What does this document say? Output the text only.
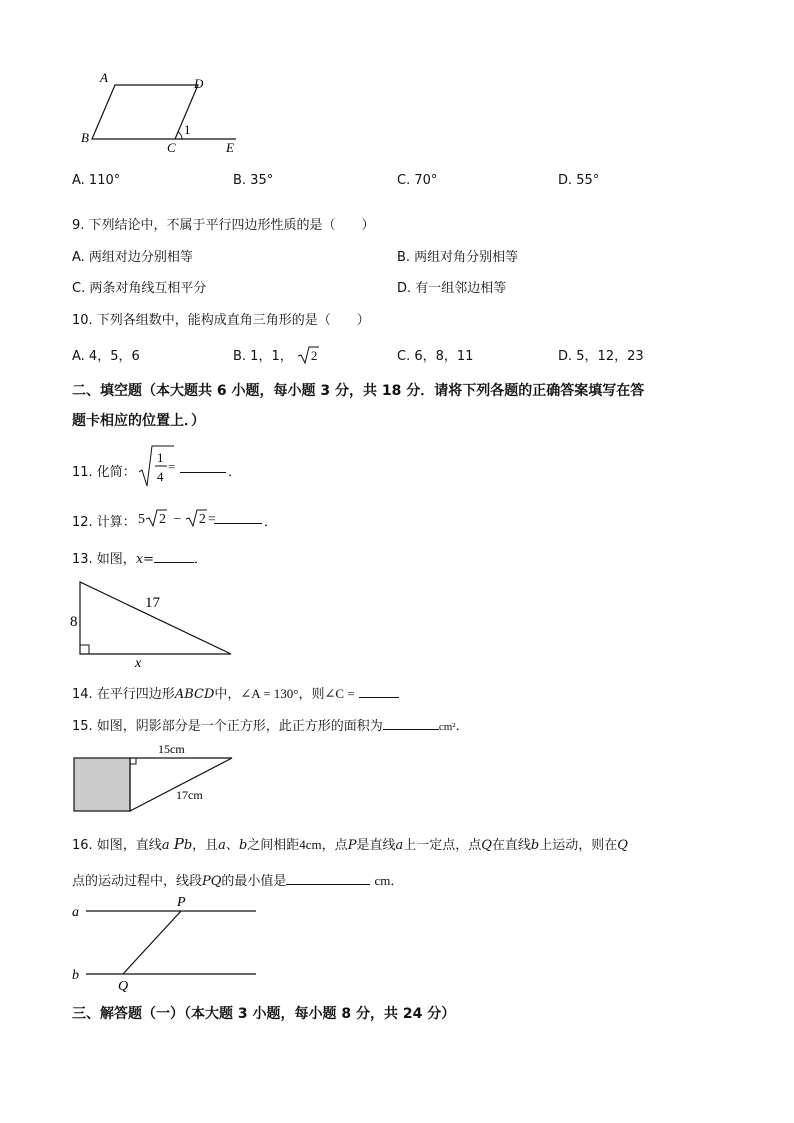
A	D
B
C	E
1
A. 110°	B. 35°	C. 70°	D. 55°
9. 下列结论中，不属于平行四边形性质的是（　　）
A. 两组对边分别相等	B. 两组对角分别相等
C. 两条对角线互相平分	D. 有一组邻边相等
10. 下列各组数中，能构成直角三角形的是（　　）
A. 4，5，6	B. 1，1， 2	C. 6，8，11	D. 5，12，23
二、填空题（本大题共 6 小题，每小题 3 分，共 18 分．请将下列各题的正确答案填写在答
题卡相应的位置上．）
11. 化简：
1
4
=	．
12. 计算： 5 2 − 2 =	．
13. 如图，x=	．
8
17
x
14. 在平行四边形ABCD中，∠A = 130°，则∠C =
15. 如图，阴影部分是一个正方形，此正方形的面积为	cm²．
15cm
17cm
16. 如图，直线a Pb，且a、b之间相距4cm，点P是直线a上一定点，点Q在直线b上运动，则在Q
点的运动过程中，线段PQ的最小值是	cm．
a
b
P
Q
三、解答题（一）（本大题 3 小题，每小题 8 分，共 24 分）
